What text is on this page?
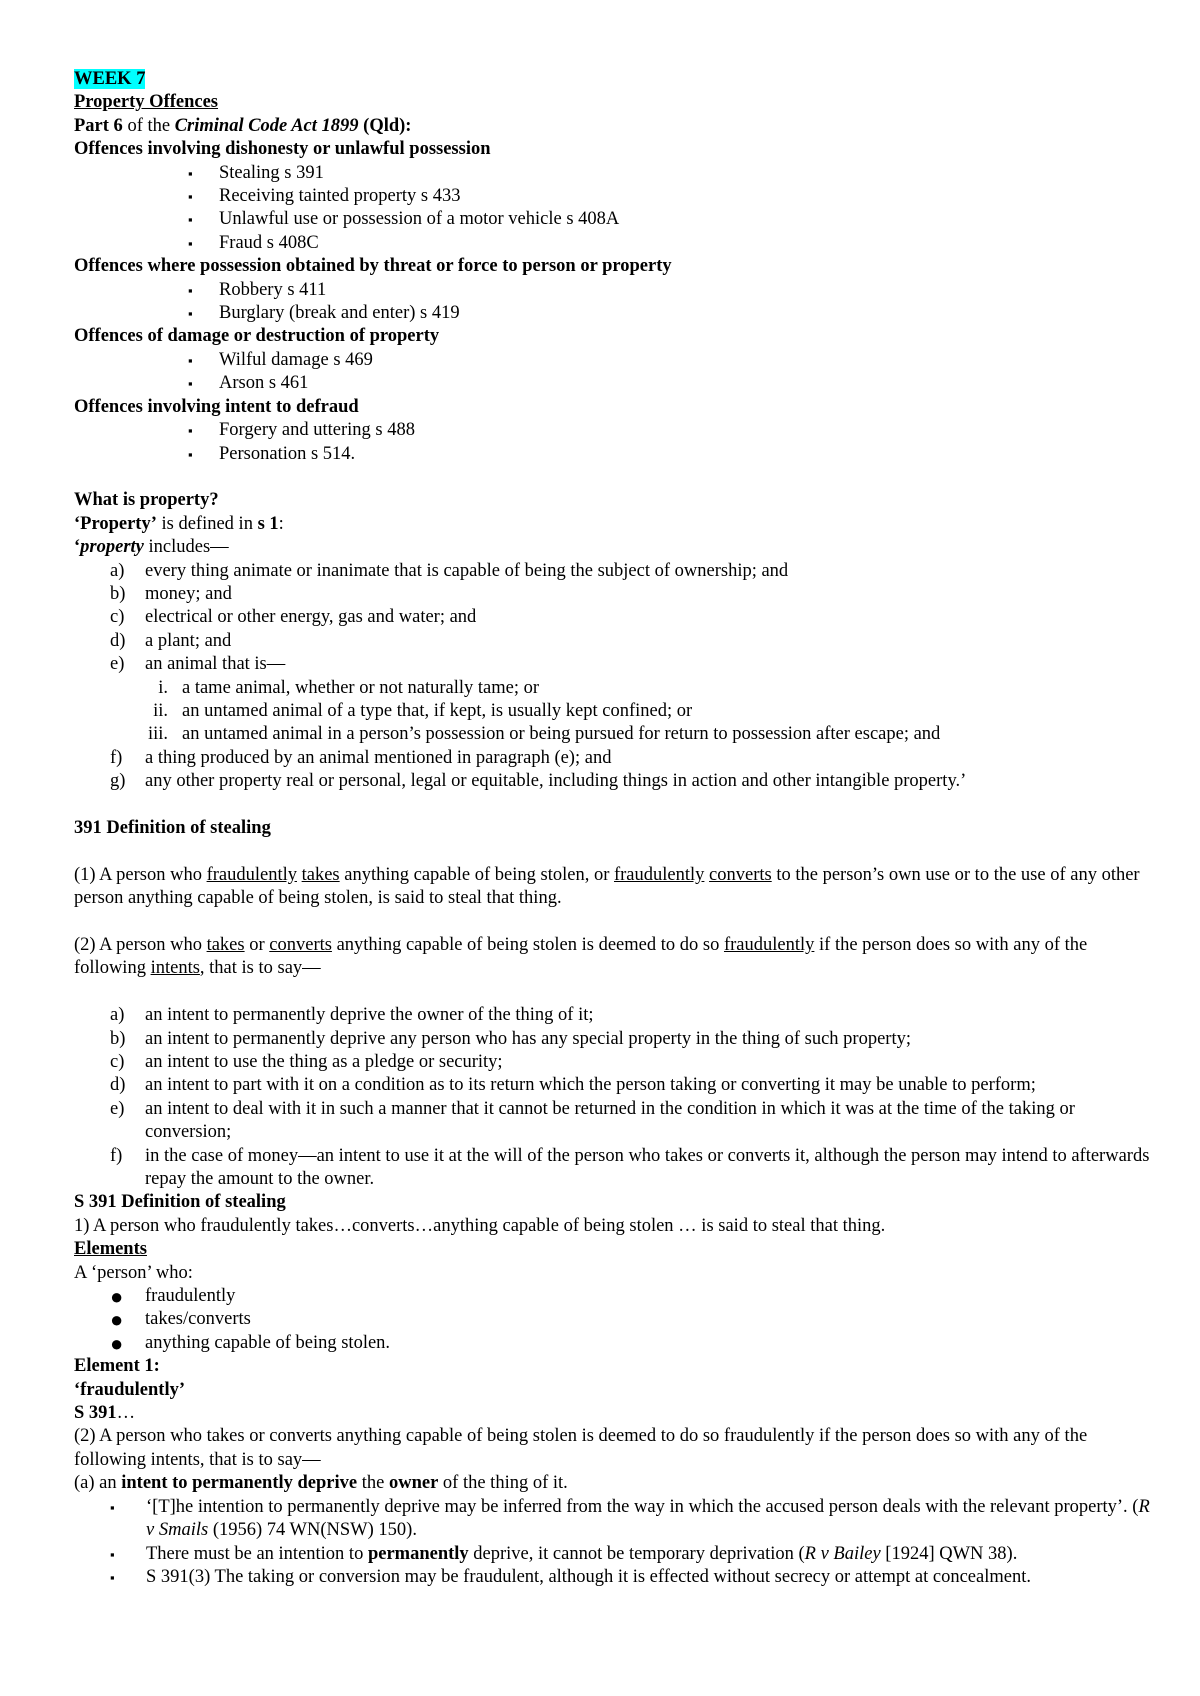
WEEK 7
Property Offences
Part 6 of the Criminal Code Act 1899 (Qld):
Offences involving dishonesty or unlawful possession
▪ Stealing s 391
▪ Receiving tainted property s 433
▪ Unlawful use or possession of a motor vehicle s 408A
▪ Fraud s 408C
Offences where possession obtained by threat or force to person or property
▪ Robbery s 411
▪ Burglary (break and enter) s 419
Offences of damage or destruction of property
▪ Wilful damage s 469
▪ Arson s 461
Offences involving intent to defraud
▪ Forgery and uttering s 488
▪ Personation s 514.
What is property?
‘Property’ is defined in s 1:
‘property includes—
a) every thing animate or inanimate that is capable of being the subject of ownership; and
b) money; and
c) electrical or other energy, gas and water; and
d) a plant; and
e) an animal that is—
i. a tame animal, whether or not naturally tame; or
ii. an untamed animal of a type that, if kept, is usually kept confined; or
iii. an untamed animal in a person’s possession or being pursued for return to possession after escape; and
f) a thing produced by an animal mentioned in paragraph (e); and
g) any other property real or personal, legal or equitable, including things in action and other intangible property.’
391 Definition of stealing
(1) A person who fraudulently takes anything capable of being stolen, or fraudulently converts to the person’s own use or to the use of any other person anything capable of being stolen, is said to steal that thing.
(2) A person who takes or converts anything capable of being stolen is deemed to do so fraudulently if the person does so with any of the following intents, that is to say—
a) an intent to permanently deprive the owner of the thing of it;
b) an intent to permanently deprive any person who has any special property in the thing of such property;
c) an intent to use the thing as a pledge or security;
d) an intent to part with it on a condition as to its return which the person taking or converting it may be unable to perform;
e) an intent to deal with it in such a manner that it cannot be returned in the condition in which it was at the time of the taking or conversion;
f) in the case of money—an intent to use it at the will of the person who takes or converts it, although the person may intend to afterwards repay the amount to the owner.
S 391 Definition of stealing
1) A person who fraudulently takes…converts…anything capable of being stolen … is said to steal that thing.
Elements
A ‘person’ who:
● fraudulently
● takes/converts
● anything capable of being stolen.
Element 1:
‘fraudulently’
S 391…
(2) A person who takes or converts anything capable of being stolen is deemed to do so fraudulently if the person does so with any of the following intents, that is to say—
(a) an intent to permanently deprive the owner of the thing of it.
▪ ‘[T]he intention to permanently deprive may be inferred from the way in which the accused person deals with the relevant property’. (R v Smails (1956) 74 WN(NSW) 150).
▪ There must be an intention to permanently deprive, it cannot be temporary deprivation (R v Bailey [1924] QWN 38).
▪ S 391(3) The taking or conversion may be fraudulent, although it is effected without secrecy or attempt at concealment.
